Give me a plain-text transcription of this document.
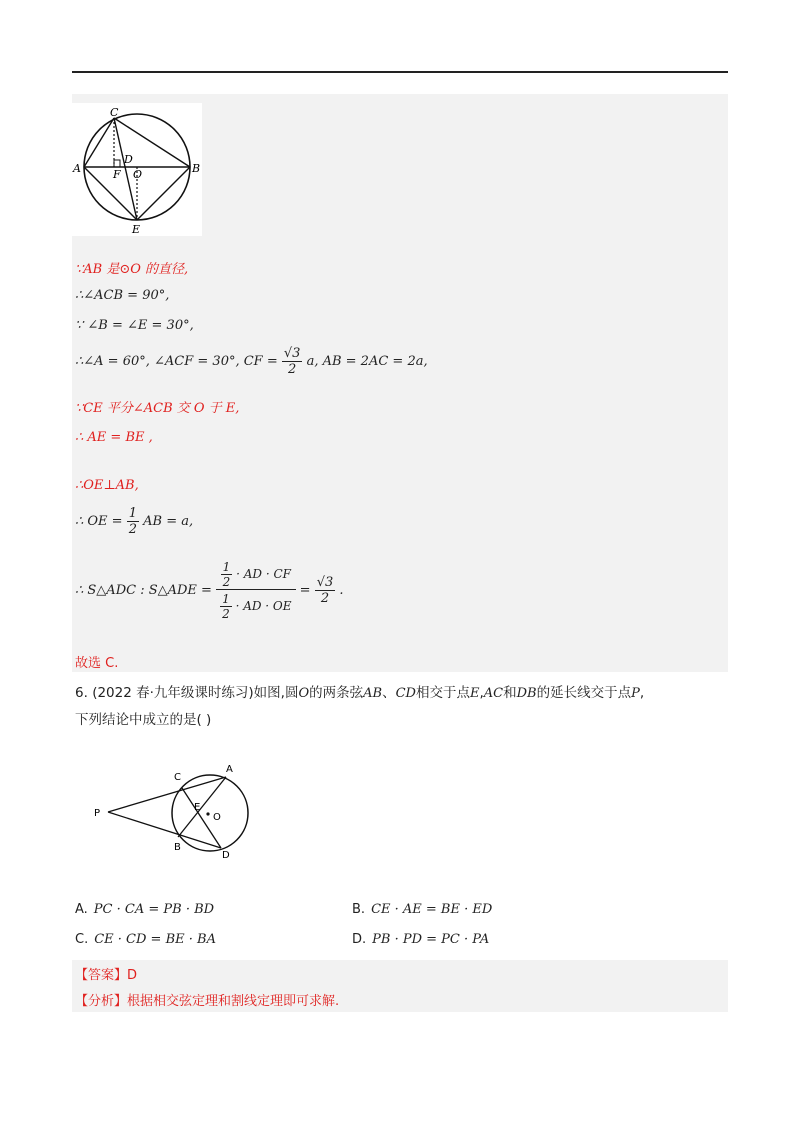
C
A	B
D
F O
E
∵AB 是⊙O 的直径,
∴∠ACB = 90°,
∵ ∠B = ∠E = 30°,
∴∠A = 60°, ∠ACF = 30°, CF = $\frac{√3}{2} a$, AB = 2AC = 2a,
∵CE 平分∠ACB 交 O 于 E,
∴ AE = BE ,
∴OE⊥AB,
∴ OE = $\frac{1}{2}$ AB = a,
∴ S△ADC : S△ADE = $\frac{\frac{1}{2} \cdot AD \cdot CF}{\frac{1}{2} \cdot AD \cdot OE} = \frac{√3}{2}$ .
故选 C.
6. (2022 春·九年级课时练习)如图,圆O的两条弦AB、CD相交于点E,AC和DB的延长线交于点P,
下列结论中成立的是( )
P
C
A
E
O
B
D
A. PC · CA = PB · BD	B. CE · AE = BE · ED
C. CE · CD = BE · BA	D. PB · PD = PC · PA
【答案】D
【分析】根据相交弦定理和割线定理即可求解.
